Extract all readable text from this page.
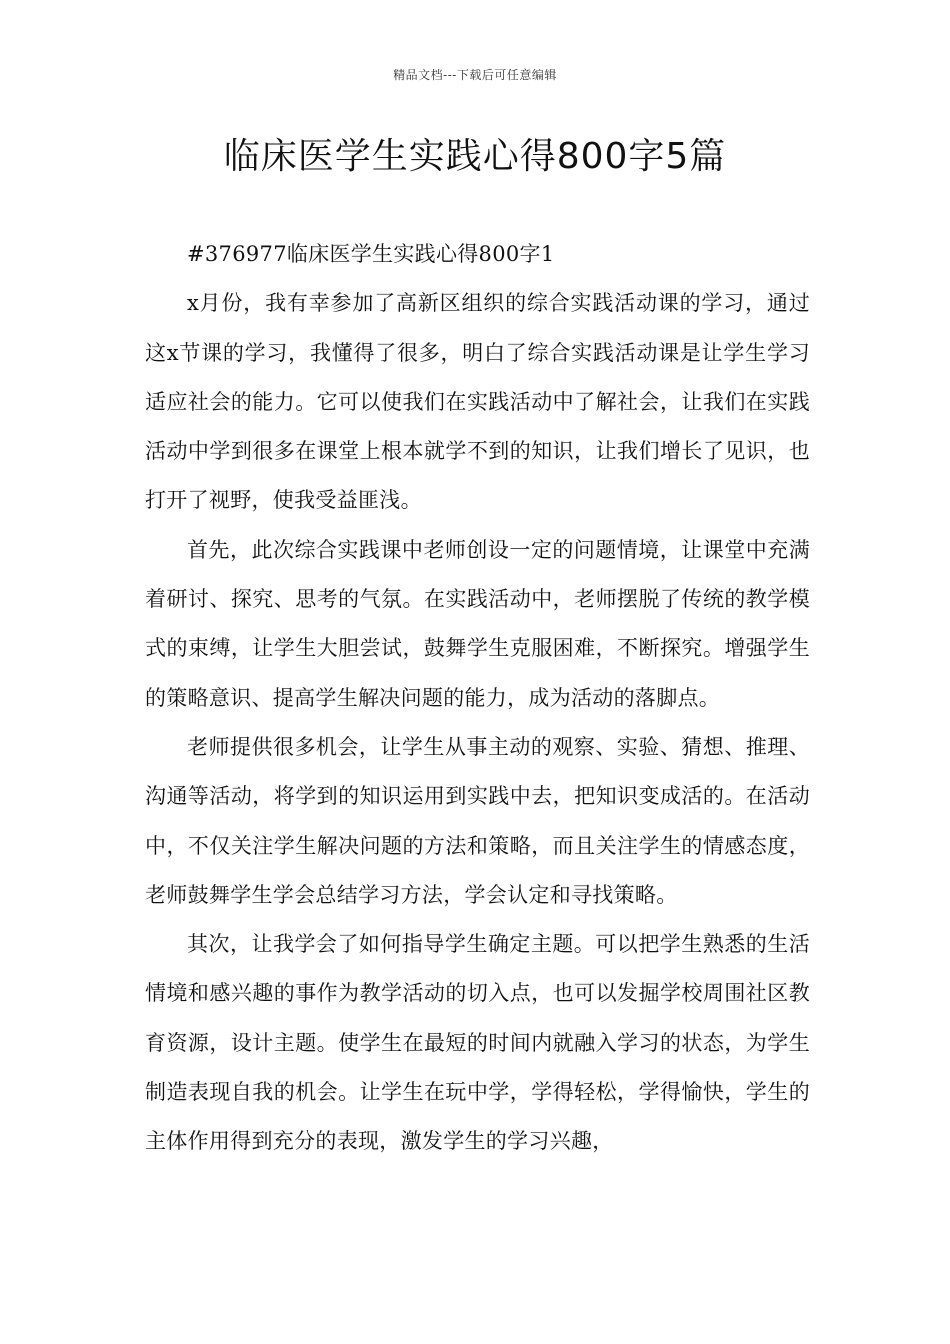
精品文档---下载后可任意编辑
临床医学生实践心得800字5篇

#376977临床医学生实践心得800字1

x月份，我有幸参加了高新区组织的综合实践活动课的学习，通过这x节课的学习，我懂得了很多，明白了综合实践活动课是让学生学习适应社会的能力。它可以使我们在实践活动中了解社会，让我们在实践活动中学到很多在课堂上根本就学不到的知识，让我们增长了见识，也打开了视野，使我受益匪浅。

首先，此次综合实践课中老师创设一定的问题情境，让课堂中充满着研讨、探究、思考的气氛。在实践活动中，老师摆脱了传统的教学模式的束缚，让学生大胆尝试，鼓舞学生克服困难，不断探究。增强学生的策略意识、提高学生解决问题的能力，成为活动的落脚点。

老师提供很多机会，让学生从事主动的观察、实验、猜想、推理、沟通等活动，将学到的知识运用到实践中去，把知识变成活的。在活动中，不仅关注学生解决问题的方法和策略，而且关注学生的情感态度，老师鼓舞学生学会总结学习方法，学会认定和寻找策略。

其次，让我学会了如何指导学生确定主题。可以把学生熟悉的生活情境和感兴趣的事作为教学活动的切入点，也可以发掘学校周围社区教育资源，设计主题。使学生在最短的时间内就融入学习的状态，为学生制造表现自我的机会。让学生在玩中学，学得轻松，学得愉快，学生的主体作用得到充分的表现，激发学生的学习兴趣，
